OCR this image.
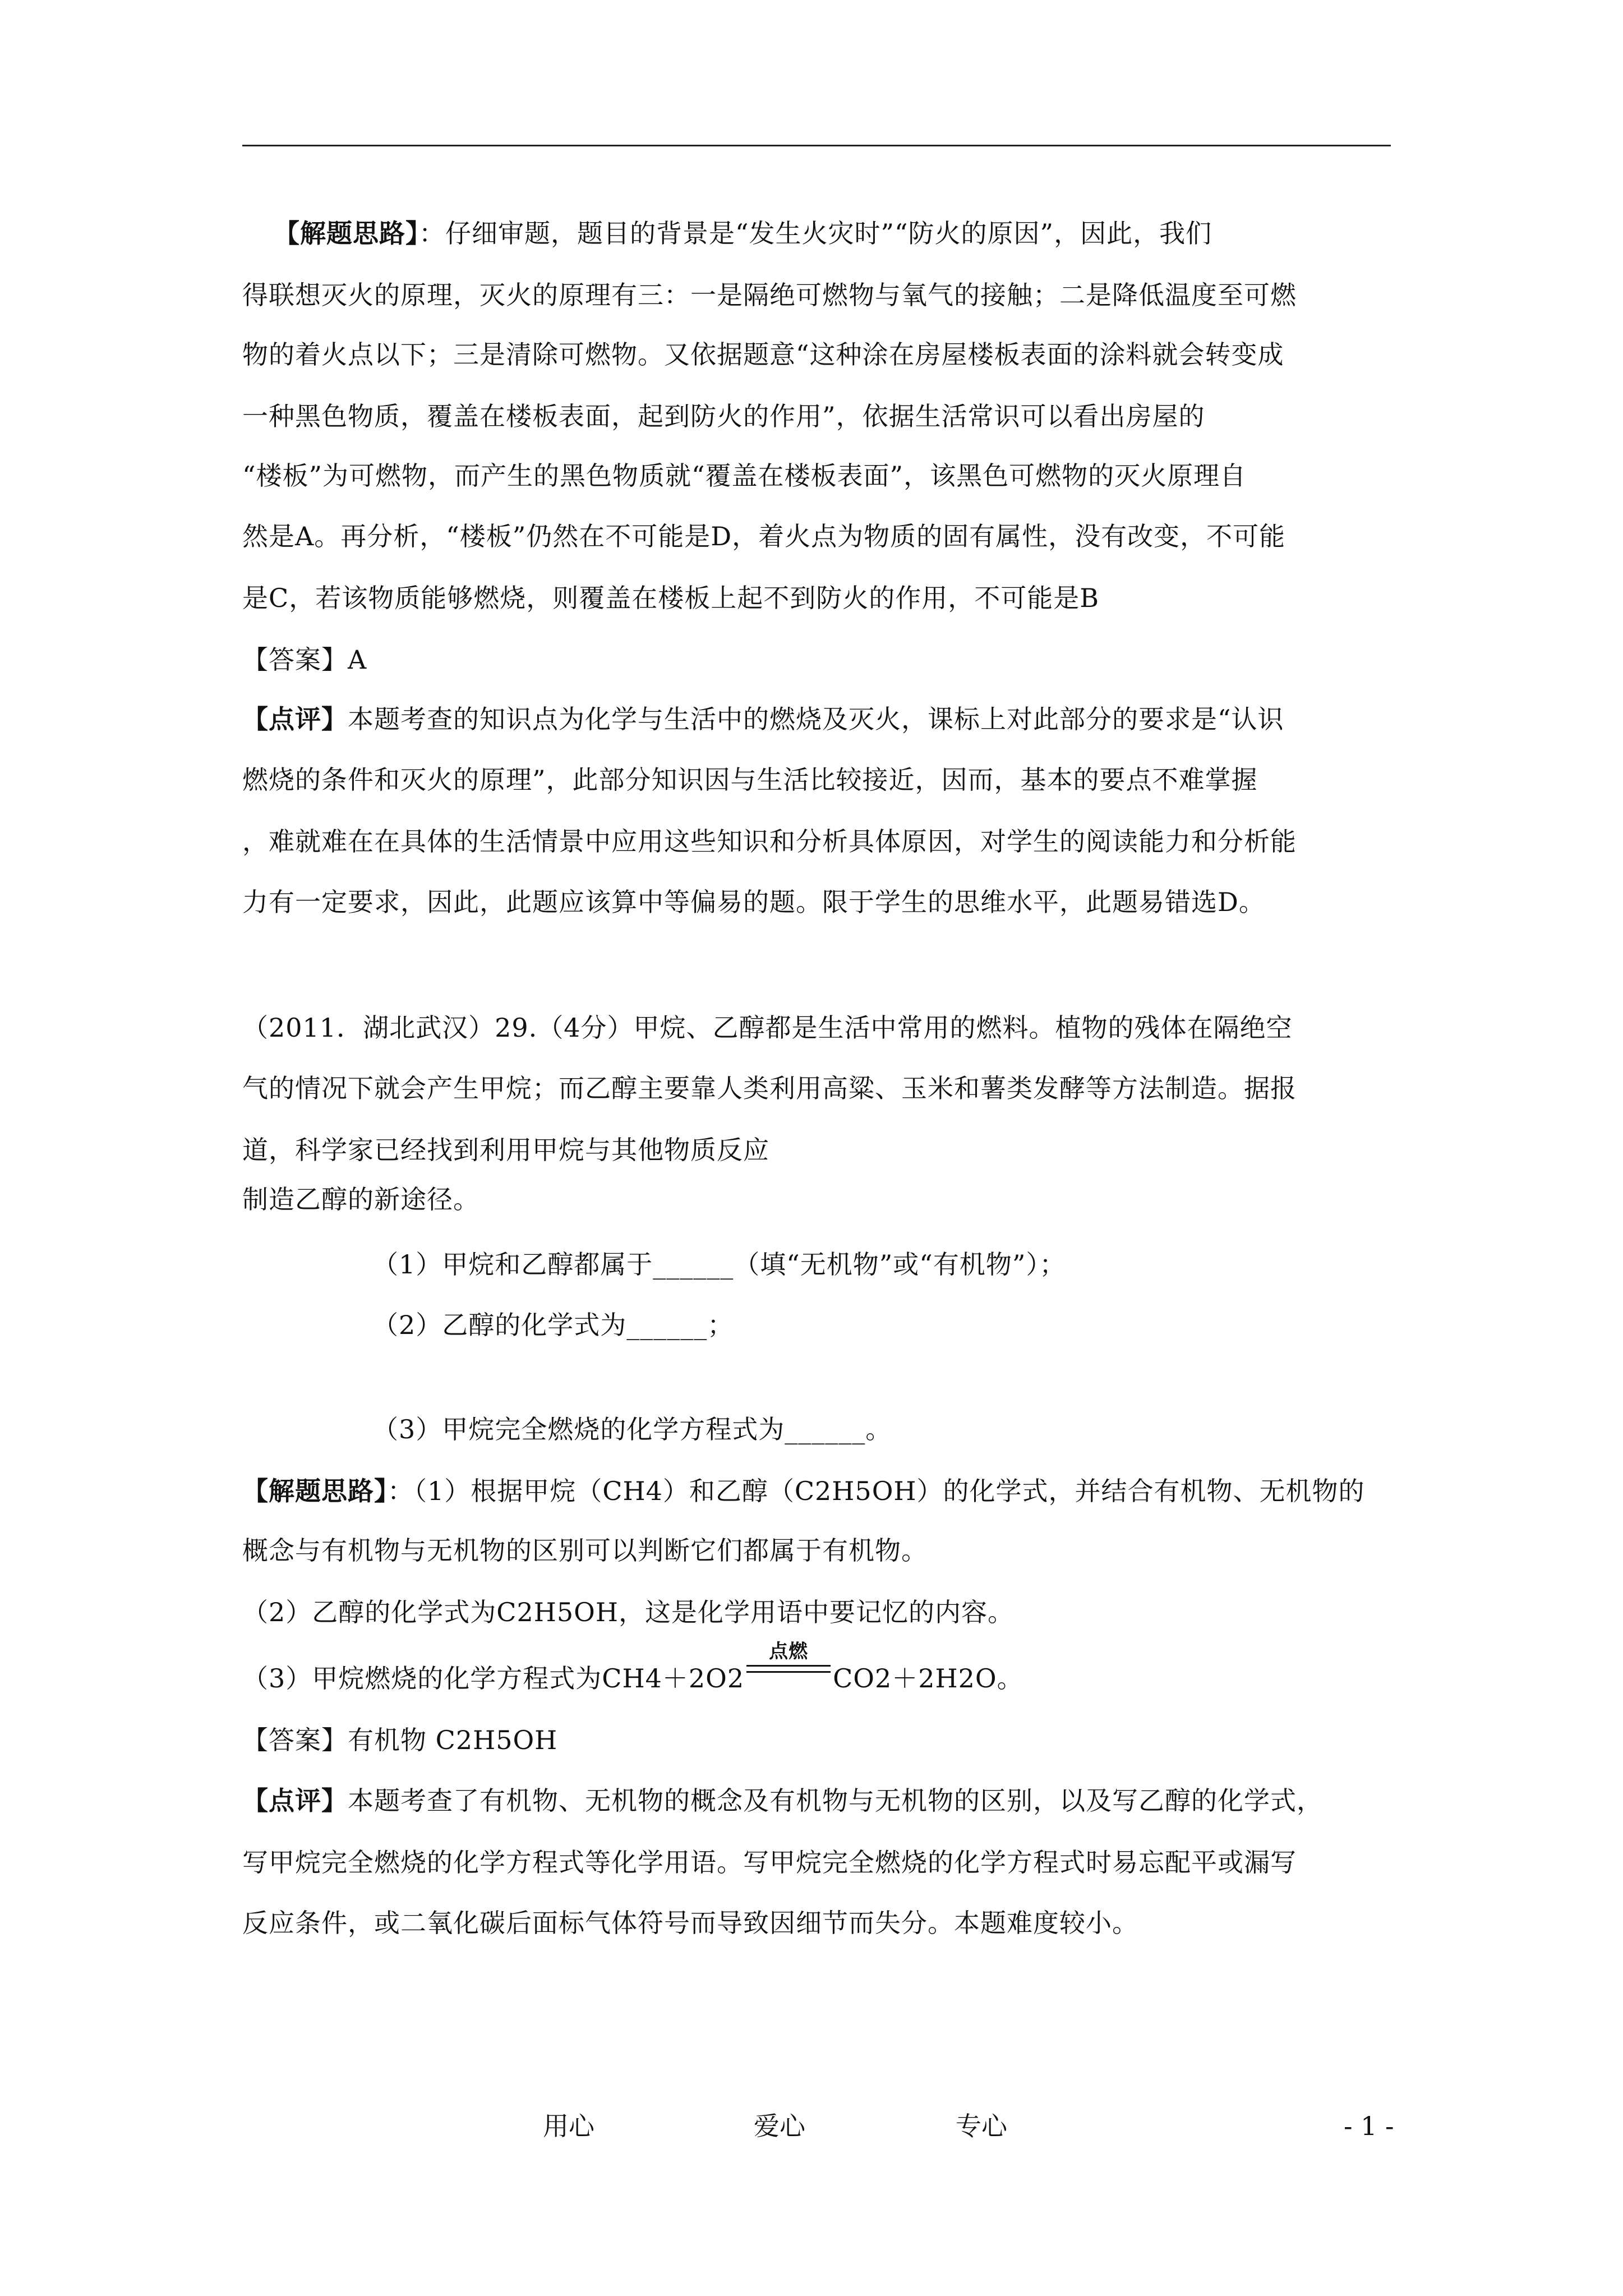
【解题思路】：仔细审题，题目的背景是“发生火灾时”“防火的原因”，因此，我们
得联想灭火的原理，灭火的原理有三：一是隔绝可燃物与氧气的接触；二是降低温度至可燃
物的着火点以下；三是清除可燃物。又依据题意“这种涂在房屋楼板表面的涂料就会转变成
一种黑色物质，覆盖在楼板表面，起到防火的作用”，依据生活常识可以看出房屋的
“楼板”为可燃物，而产生的黑色物质就“覆盖在楼板表面”，该黑色可燃物的灭火原理自
然是A。再分析，“楼板”仍然在不可能是D，着火点为物质的固有属性，没有改变，不可能
是C，若该物质能够燃烧，则覆盖在楼板上起不到防火的作用，不可能是B
【答案】A
【点评】本题考查的知识点为化学与生活中的燃烧及灭火，课标上对此部分的要求是“认识
燃烧的条件和灭火的原理”，此部分知识因与生活比较接近，因而，基本的要点不难掌握
，难就难在在具体的生活情景中应用这些知识和分析具体原因，对学生的阅读能力和分析能
力有一定要求，因此，此题应该算中等偏易的题。限于学生的思维水平，此题易错选D。
（2011．湖北武汉）29.（4分）甲烷、乙醇都是生活中常用的燃料。植物的残体在隔绝空
气的情况下就会产生甲烷；而乙醇主要靠人类利用高粱、玉米和薯类发酵等方法制造。据报
道，科学家已经找到利用甲烷与其他物质反应
制造乙醇的新途径。
（1）甲烷和乙醇都属于______（填“无机物”或“有机物”）；
（2）乙醇的化学式为______；
（3）甲烷完全燃烧的化学方程式为______。
【解题思路】：（1）根据甲烷（CH4）和乙醇（C2H5OH）的化学式，并结合有机物、无机物的
概念与有机物与无机物的区别可以判断它们都属于有机物。
（2）乙醇的化学式为C2H5OH，这是化学用语中要记忆的内容。
（3）甲烷燃烧的化学方程式为CH4＋2O2
点燃
CO2＋2H2O。
【答案】有机物 C2H5OH
【点评】本题考查了有机物、无机物的概念及有机物与无机物的区别，以及写乙醇的化学式，
写甲烷完全燃烧的化学方程式等化学用语。写甲烷完全燃烧的化学方程式时易忘配平或漏写
反应条件，或二氧化碳后面标气体符号而导致因细节而失分。本题难度较小。
用心	爱心	专心	- 1 -
